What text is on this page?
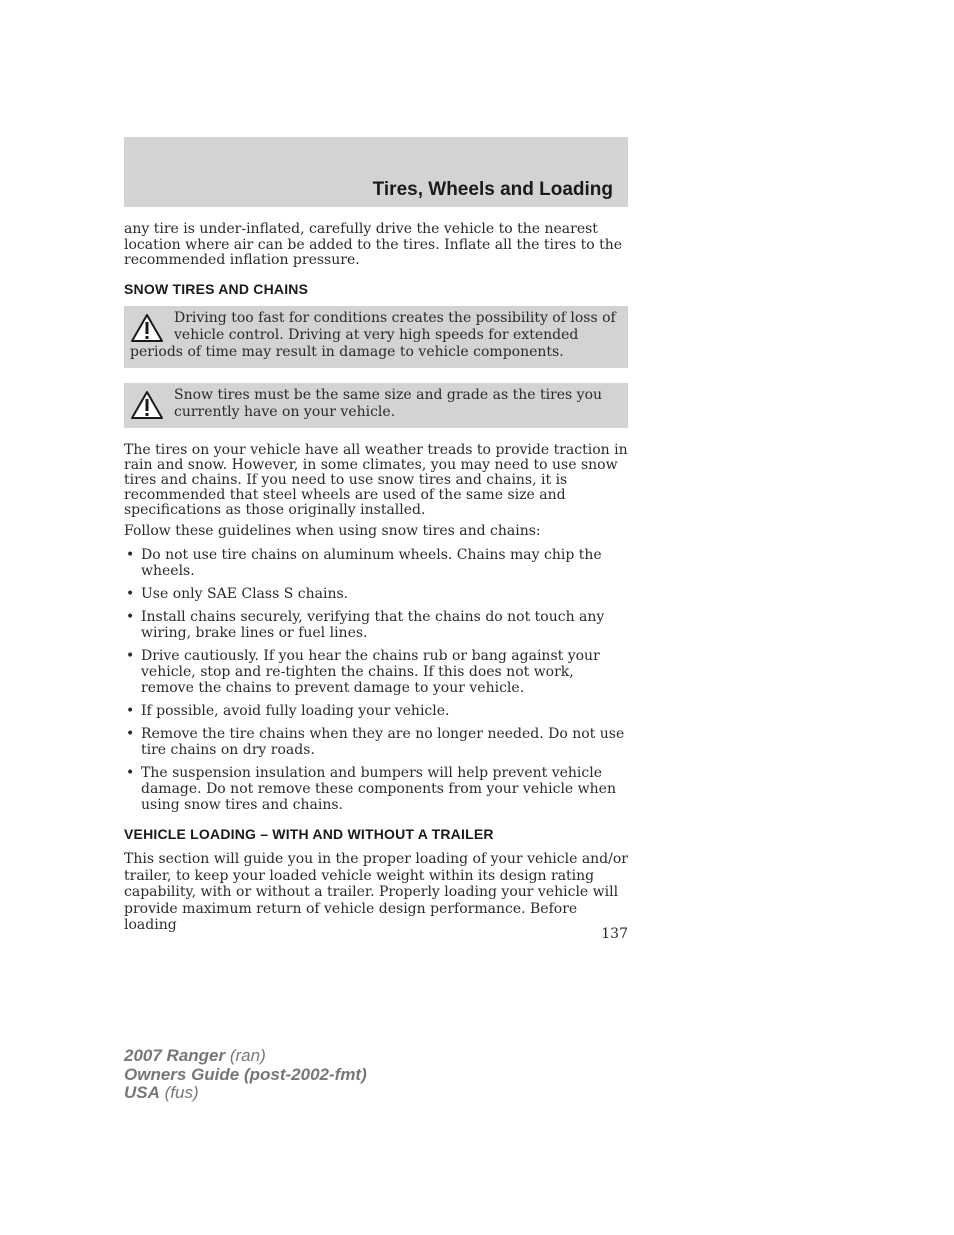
Tires, Wheels and Loading

any tire is under-inflated, carefully drive the vehicle to the nearest location where air can be added to the tires. Inflate all the tires to the recommended inflation pressure.

SNOW TIRES AND CHAINS
Driving too fast for conditions creates the possibility of loss of vehicle control. Driving at very high speeds for extended periods of time may result in damage to vehicle components.
Snow tires must be the same size and grade as the tires you currently have on your vehicle.

The tires on your vehicle have all weather treads to provide traction in rain and snow. However, in some climates, you may need to use snow tires and chains. If you need to use snow tires and chains, it is recommended that steel wheels are used of the same size and specifications as those originally installed.

Follow these guidelines when using snow tires and chains:

• Do not use tire chains on aluminum wheels. Chains may chip the wheels.
• Use only SAE Class S chains.
• Install chains securely, verifying that the chains do not touch any wiring, brake lines or fuel lines.
• Drive cautiously. If you hear the chains rub or bang against your vehicle, stop and re-tighten the chains. If this does not work, remove the chains to prevent damage to your vehicle.
• If possible, avoid fully loading your vehicle.
• Remove the tire chains when they are no longer needed. Do not use tire chains on dry roads.
• The suspension insulation and bumpers will help prevent vehicle damage. Do not remove these components from your vehicle when using snow tires and chains.
VEHICLE LOADING – WITH AND WITHOUT A TRAILER

This section will guide you in the proper loading of your vehicle and/or trailer, to keep your loaded vehicle weight within its design rating capability, with or without a trailer. Properly loading your vehicle will provide maximum return of vehicle design performance. Before loading

137
2007 Ranger (ran)
Owners Guide (post-2002-fmt)
USA (fus)
